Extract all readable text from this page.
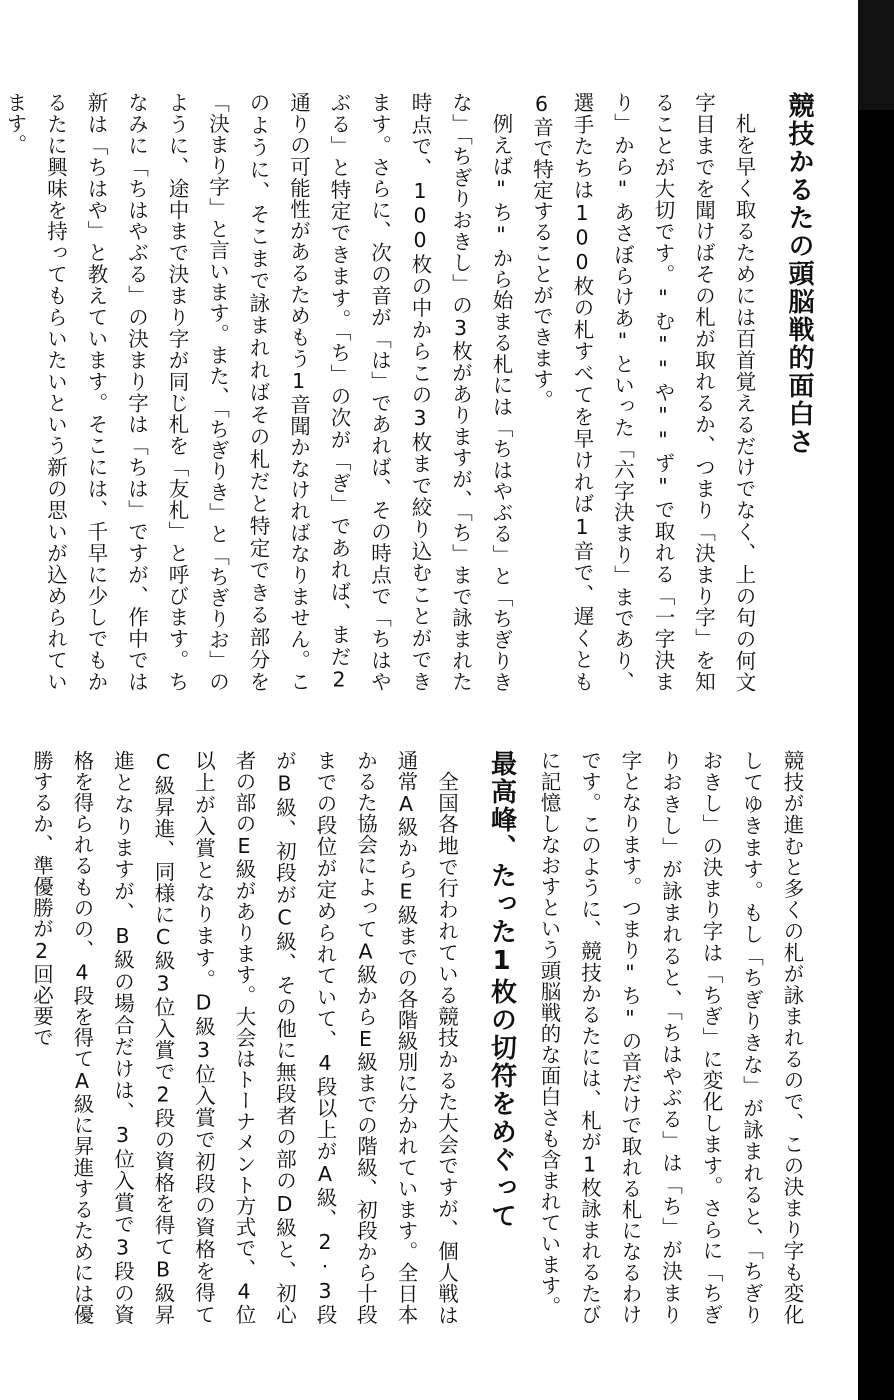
競技かるたの頭脳戦的面白さ

札を早く取るためには百首覚えるだけでなく、上の句の何文字目までを聞けばその札が取れるか、つまり「決まり字」を知ることが大切です。"む""や""ず"で取れる「一字決まり」から"あさぼらけあ"といった「六字決まり」まであり、選手たちは100枚の札すべてを早ければ1音で、遅くとも6音で特定することができます。

例えば"ち"から始まる札には「ちはやぶる」と「ちぎりきな」「ちぎりおきし」の3枚がありますが、「ち」まで詠まれた時点で、100枚の中からこの3枚まで絞り込むことができます。さらに、次の音が「は」であれば、その時点で「ちはやぶる」と特定できます。「ち」の次が「ぎ」であれば、まだ2通りの可能性があるためもう1音聞かなければなりません。このように、そこまで詠まれればその札だと特定できる部分を「決まり字」と言います。また、「ちぎりき」と「ちぎりお」のように、途中まで決まり字が同じ札を「友札」と呼びます。ちなみに「ちはやぶる」の決まり字は「ちは」ですが、作中では新は「ちはや」と教えています。そこには、千早に少しでもかるたに興味を持ってもらいたいという新の思いが込められています。

競技が進むと多くの札が詠まれるので、この決まり字も変化してゆきます。もし「ちぎりきな」が詠まれると、「ちぎりおきし」の決まり字は「ちぎ」に変化します。さらに「ちぎりおきし」が詠まれると、「ちはやぶる」は「ち」が決まり字となります。つまり"ち"の音だけで取れる札になるわけです。このように、競技かるたには、札が1枚詠まれるたびに記憶しなおすという頭脳戦的な面白さも含まれています。

最高峰、たった1枚の切符をめぐって

全国各地で行われている競技かるた大会ですが、個人戦は通常A級からE級までの各階級別に分かれています。全日本かるた協会によってA級からE級までの階級、初段から十段までの段位が定められていて、4段以上がA級、2·3段がB級、初段がC級、その他に無段者の部のD級と、初心者の部のE級があります。大会はトーナメント方式で、4位以上が入賞となります。D級3位入賞で初段の資格を得てC級昇進、同様にC級3位入賞で2段の資格を得てB級昇進となりますが、B級の場合だけは、3位入賞で3段の資格を得られるものの、4段を得てA級に昇進するためには優勝するか、準優勝が2回必要で
